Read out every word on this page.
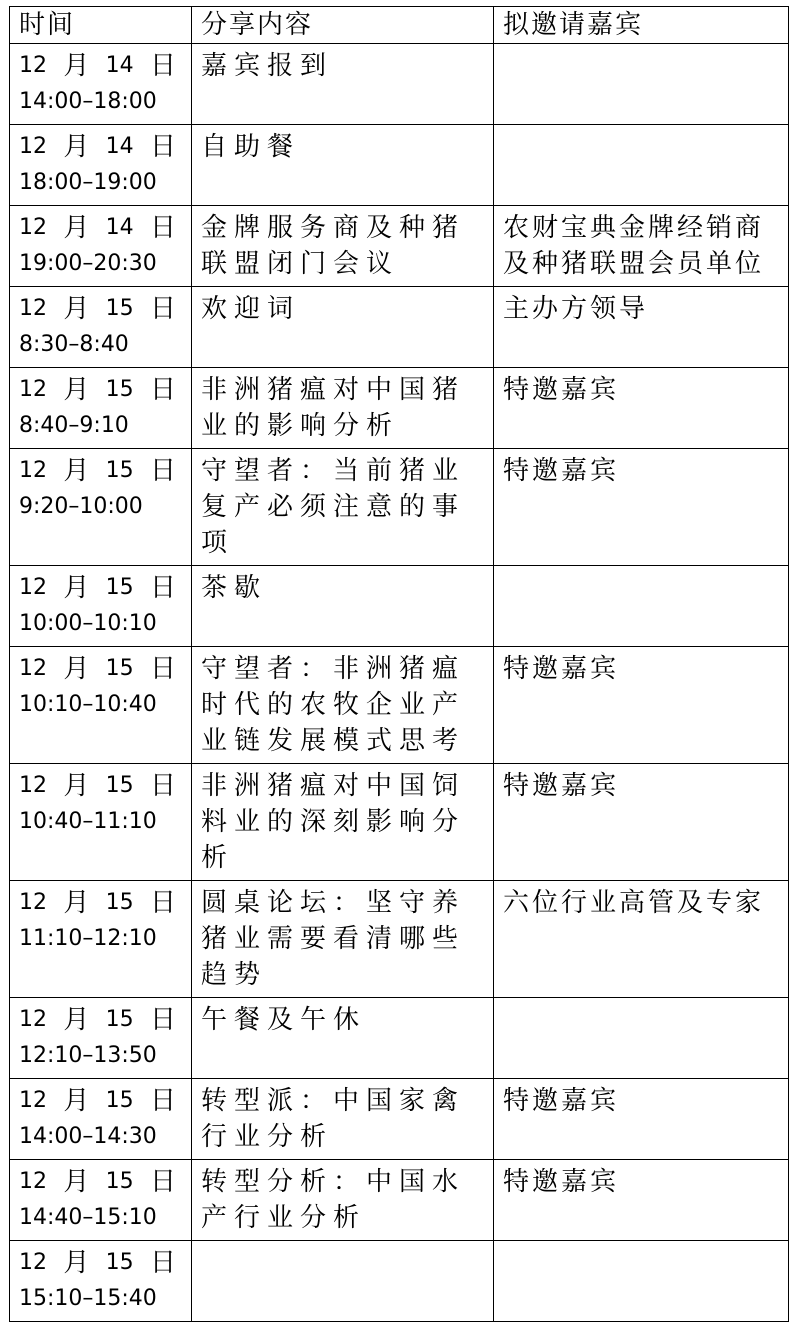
时间	分享内容	拟邀请嘉宾

12 月 14 日
14:00–18:00	嘉宾报到	

12 月 14 日
18:00–19:00	自助餐	

12 月 14 日
19:00–20:30	金牌服务商及种猪联盟闭门会议	农财宝典金牌经销商及种猪联盟会员单位

12 月 15 日
8:30–8:40	欢迎词	主办方领导

12 月 15 日
8:40–9:10	非洲猪瘟对中国猪业的影响分析	特邀嘉宾

12 月 15 日
9:20–10:00	守望者：当前猪业复产必须注意的事项	特邀嘉宾

12 月 15 日
10:00–10:10	茶歇	

12 月 15 日
10:10–10:40	守望者：非洲猪瘟时代的农牧企业产业链发展模式思考	特邀嘉宾

12 月 15 日
10:40–11:10	非洲猪瘟对中国饲料业的深刻影响分析	特邀嘉宾

12 月 15 日
11:10–12:10	圆桌论坛：坚守养猪业需要看清哪些趋势	六位行业高管及专家

12 月 15 日
12:10–13:50	午餐及午休	

12 月 15 日
14:00–14:30	转型派：中国家禽行业分析	特邀嘉宾

12 月 15 日
14:40–15:10	转型分析：中国水产行业分析	特邀嘉宾

12 月 15 日
15:10–15:40		
